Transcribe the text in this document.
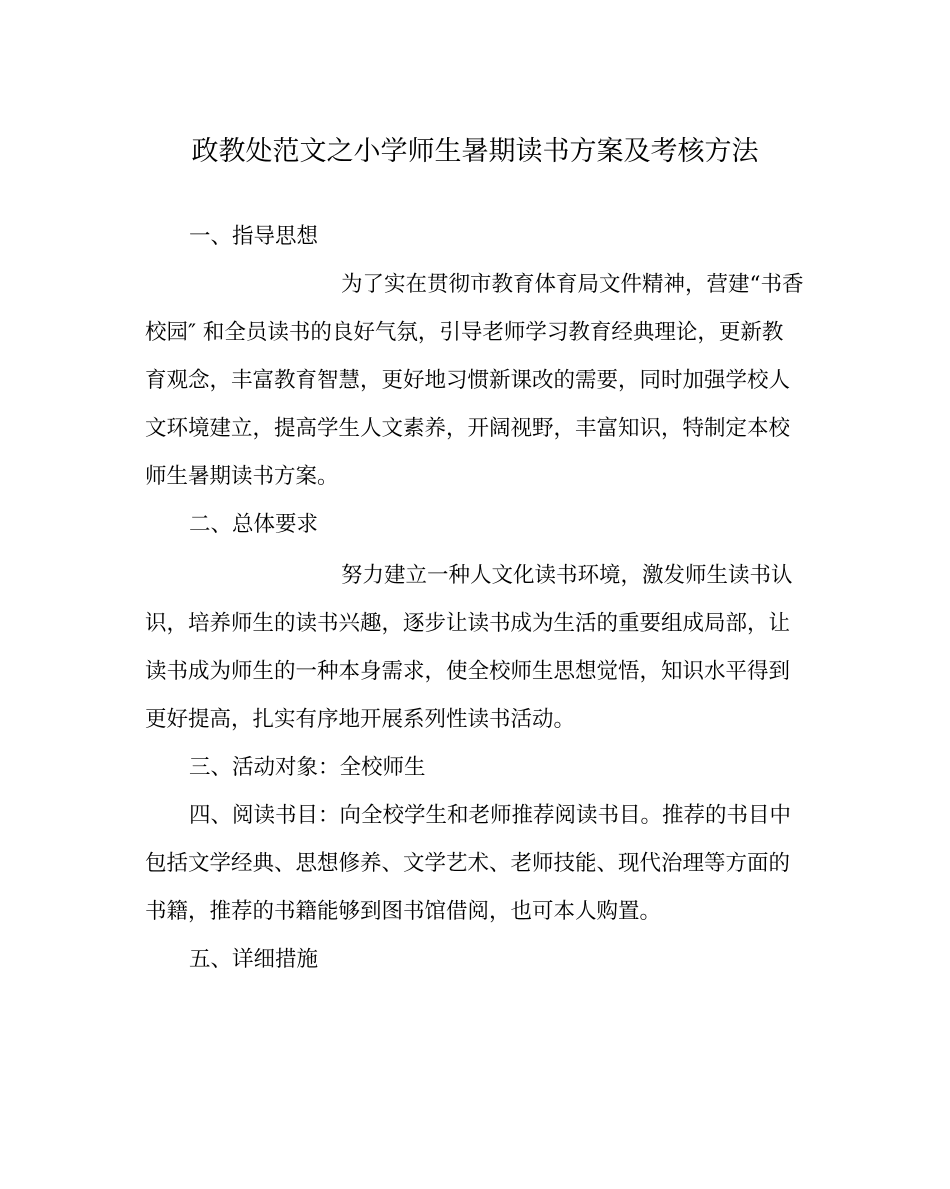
政教处范文之小学师生暑期读书方案及考核方法
一、指导思想
为了实在贯彻市教育体育局文件精神，营建“书香
校园″ 和全员读书的良好气氛，引导老师学习教育经典理论，更新教
育观念，丰富教育智慧，更好地习惯新课改的需要，同时加强学校人
文环境建立，提高学生人文素养，开阔视野，丰富知识，特制定本校
师生暑期读书方案。
二、总体要求
努力建立一种人文化读书环境，激发师生读书认
识，培养师生的读书兴趣，逐步让读书成为生活的重要组成局部，让
读书成为师生的一种本身需求，使全校师生思想觉悟，知识水平得到
更好提高，扎实有序地开展系列性读书活动。
三、活动对象：全校师生
四、阅读书目：向全校学生和老师推荐阅读书目。推荐的书目中
包括文学经典、思想修养、文学艺术、老师技能、现代治理等方面的
书籍，推荐的书籍能够到图书馆借阅，也可本人购置。
五、详细措施
